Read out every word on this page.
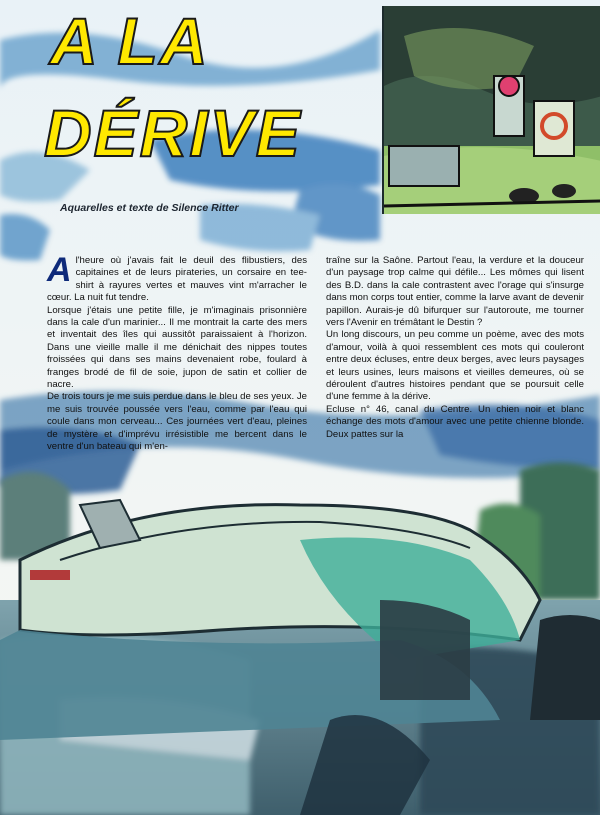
A LA
DÉRIVE
Aquarelles et texte de Silence Ritter

Al'heure où j'avais fait le deuil des flibustiers, des capitaines et de leurs pirateries, un corsaire en tee-shirt à rayures vertes et mauves vint m'arracher le cœur. La nuit fut tendre.

Lorsque j'étais une petite fille, je m'imaginais prisonnière dans la cale d'un marinier... Il me montrait la carte des mers et inventait des îles qui aussitôt paraissaient à l'horizon. Dans une vieille malle il me dénichait des nippes toutes froissées qui dans ses mains devenaient robe, foulard à franges brodé de fil de soie, jupon de satin et collier de nacre.

De trois tours je me suis perdue dans le bleu de ses yeux. Je me suis trouvée poussée vers l'eau, comme par l'eau qui coule dans mon cerveau... Ces journées vert d'eau, pleines de mystère et d'imprévu irrésistible me bercent dans le ventre d'un bateau qui m'en-

traîne sur la Saône. Partout l'eau, la verdure et la douceur d'un paysage trop calme qui défile... Les mômes qui lisent des B.D. dans la cale contrastent avec l'orage qui s'insurge dans mon corps tout entier, comme la larve avant de devenir papillon. Aurais-je dû bifurquer sur l'autoroute, me tourner vers l'Avenir en trémâtant le Destin ?

Un long discours, un peu comme un poème, avec des mots d'amour, voilà à quoi ressemblent ces mots qui couleront entre deux écluses, entre deux berges, avec leurs paysages et leurs usines, leurs maisons et vieilles demeures, où se déroulent d'autres histoires pendant que se poursuit celle d'une femme à la dérive.

Ecluse n° 46, canal du Centre. Un chien noir et blanc échange des mots d'amour avec une petite chienne blonde. Deux pattes sur la
